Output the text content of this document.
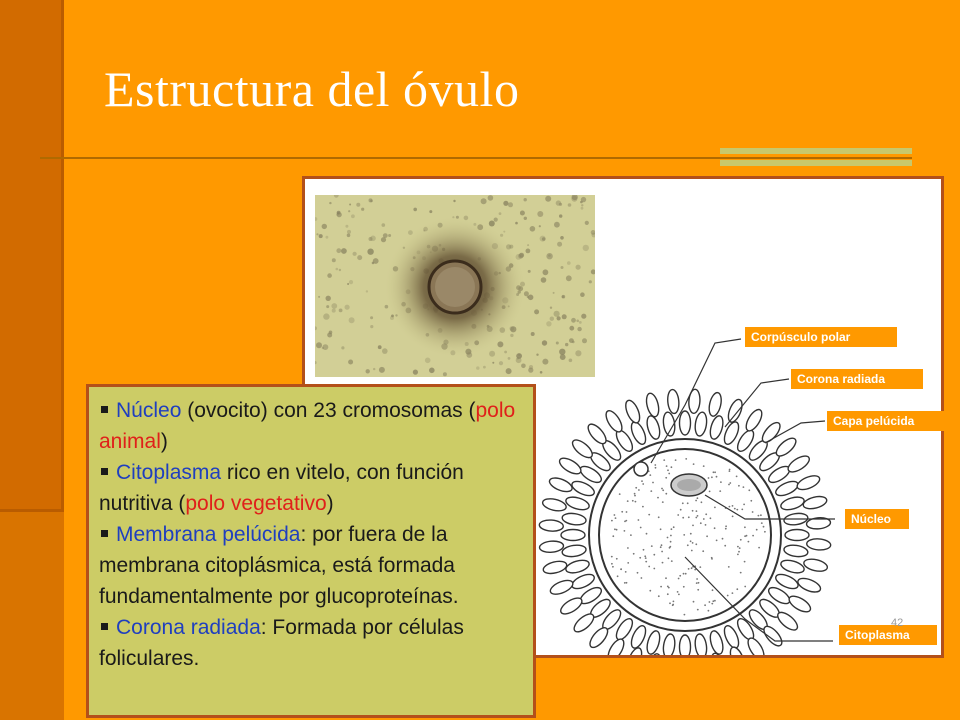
Estructura del óvulo
Corpúsculo polar
Corona radiada
Capa pelúcida
Núcleo
Citoplasma
42

Núcleo (ovocito) con 23 cromosomas (polo animal)

Citoplasma rico en vitelo, con función nutritiva (polo vegetativo)

Membrana pelúcida: por fuera de la membrana citoplásmica, está formada fundamentalmente por glucoproteínas.

Corona radiada: Formada por células foliculares.
